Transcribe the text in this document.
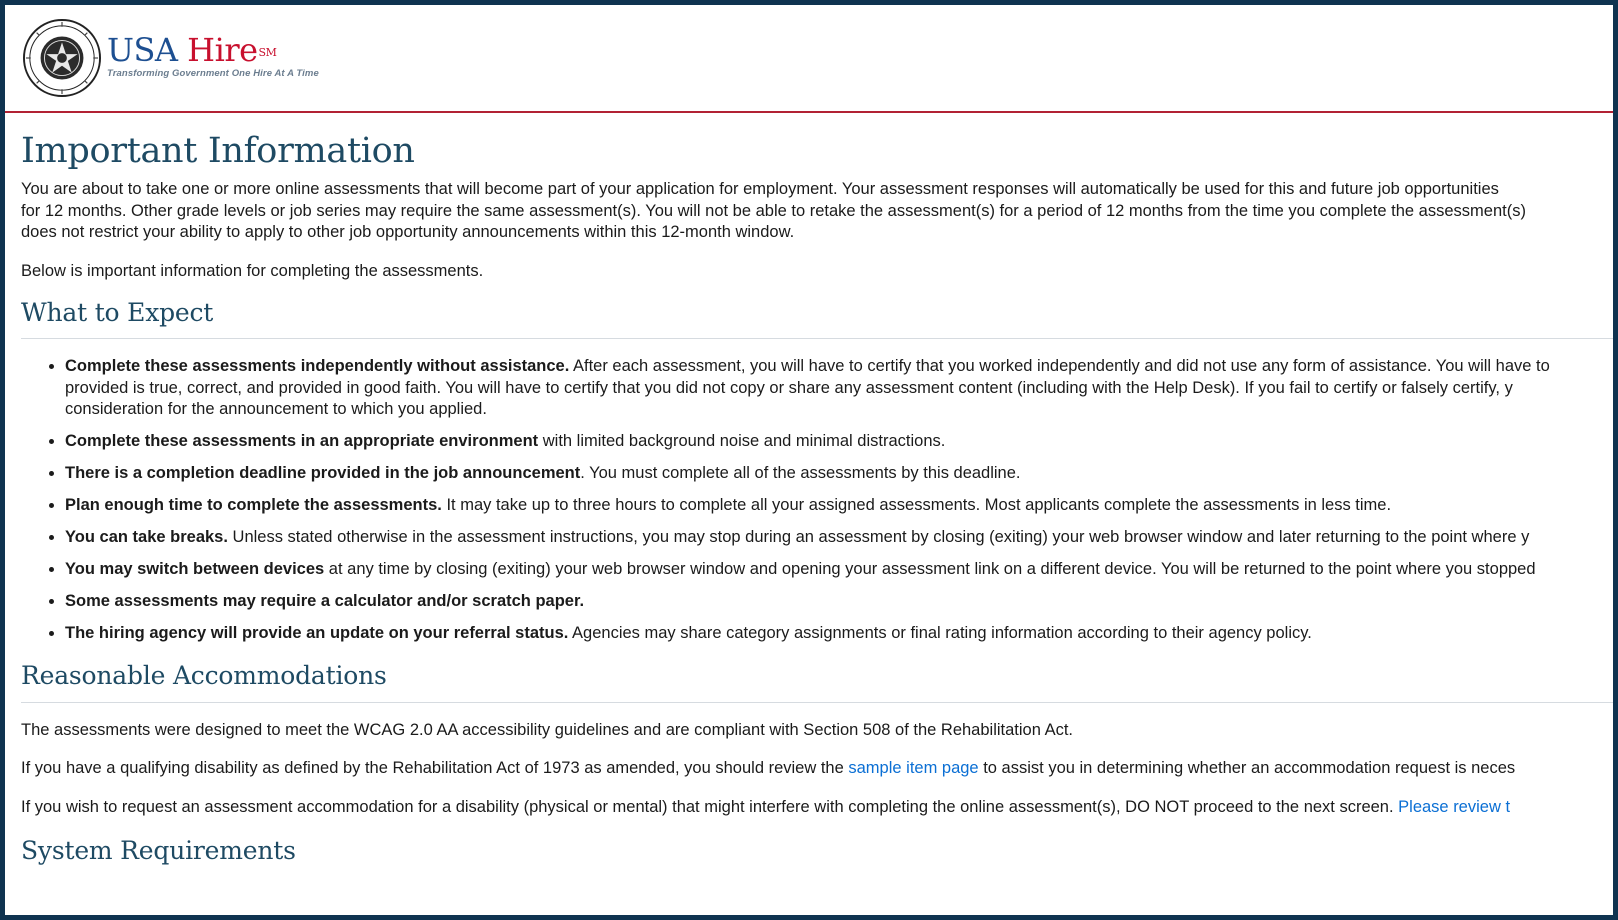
USA Hire℠
Transforming Government One Hire At A Time
Important Information

You are about to take one or more online assessments that will become part of your application for employment. Your assessment responses will automatically be used for this and future job opportunities

for 12 months. Other grade levels or job series may require the same assessment(s). You will not be able to retake the assessment(s) for a period of 12 months from the time you complete the assessment(s)

does not restrict your ability to apply to other job opportunity announcements within this 12-month window.

Below is important information for completing the assessments.

What to Expect
• Complete these assessments independently without assistance. After each assessment, you will have to certify that you worked independently and did not use any form of assistance. You will have to
provided is true, correct, and provided in good faith. You will have to certify that you did not copy or share any assessment content (including with the Help Desk). If you fail to certify or falsely certify, y
consideration for the announcement to which you applied.
• Complete these assessments in an appropriate environment with limited background noise and minimal distractions.
• There is a completion deadline provided in the job announcement. You must complete all of the assessments by this deadline.
• Plan enough time to complete the assessments. It may take up to three hours to complete all your assigned assessments. Most applicants complete the assessments in less time.
• You can take breaks. Unless stated otherwise in the assessment instructions, you may stop during an assessment by closing (exiting) your web browser window and later returning to the point where y
• You may switch between devices at any time by closing (exiting) your web browser window and opening your assessment link on a different device. You will be returned to the point where you stopped
• Some assessments may require a calculator and/or scratch paper.
• The hiring agency will provide an update on your referral status. Agencies may share category assignments or final rating information according to their agency policy.
Reasonable Accommodations

The assessments were designed to meet the WCAG 2.0 AA accessibility guidelines and are compliant with Section 508 of the Rehabilitation Act.

If you have a qualifying disability as defined by the Rehabilitation Act of 1973 as amended, you should review the sample item page to assist you in determining whether an accommodation request is neces

If you wish to request an assessment accommodation for a disability (physical or mental) that might interfere with completing the online assessment(s), DO NOT proceed to the next screen. Please review t

System Requirements
